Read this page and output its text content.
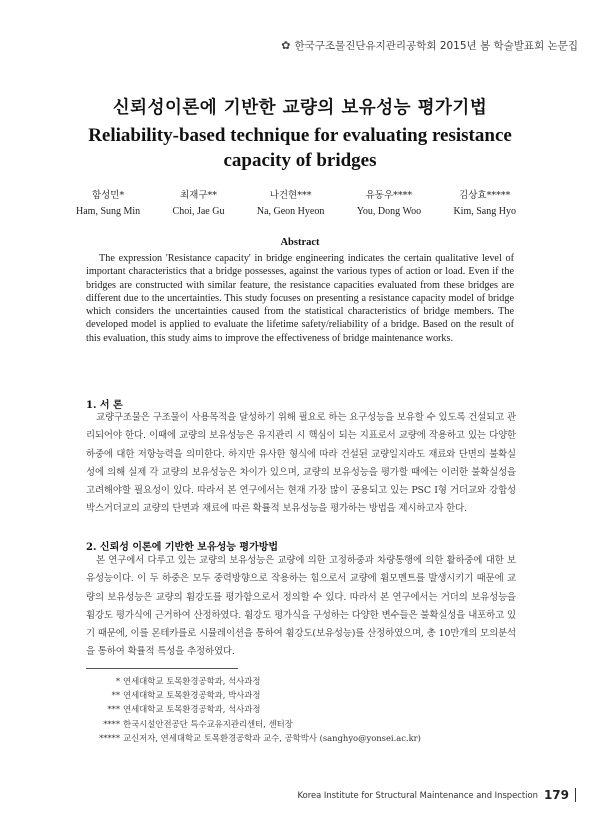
✿ 한국구조물진단유지관리공학회 2015년 봄 학술발표회 논문집
신뢰성이론에 기반한 교량의 보유성능 평가기법
Reliability-based technique for evaluating resistance capacity of bridges
함성민*
Ham, Sung Min
최재구**
Choi, Jae Gu
나건현***
Na, Geon Hyeon
유동우****
You, Dong Woo
김상효*****
Kim, Sang Hyo
Abstract
The expression 'Resistance capacity' in bridge engineering indicates the certain qualitative level of important characteristics that a bridge possesses, against the various types of action or load. Even if the bridges are constructed with similar feature, the resistance capacities evaluated from these bridges are different due to the uncertainties. This study focuses on presenting a resistance capacity model of bridge which considers the uncertainties caused from the statistical characteristics of bridge members. The developed model is applied to evaluate the lifetime safety/reliability of a bridge. Based on the result of this evaluation, this study aims to improve the effectiveness of bridge maintenance works.
1. 서 론
교량구조물은 구조물이 사용목적을 달성하기 위해 필요로 하는 요구성능을 보유할 수 있도록 건설되고 관리되어야 한다. 이때에 교량의 보유성능은 유지관리 시 핵심이 되는 지표로서 교량에 작용하고 있는 다양한 하중에 대한 저항능력을 의미한다. 하지만 유사한 형식에 따라 건설된 교량일지라도 재료와 단면의 불확실성에 의해 실제 각 교량의 보유성능은 차이가 있으며, 교량의 보유성능을 평가할 때에는 이러한 불확실성을 고려해야할 필요성이 있다. 따라서 본 연구에서는 현재 가장 많이 공용되고 있는 PSC I형 거더교와 강합성 박스거더교의 교량의 단면과 재료에 따른 확률적 보유성능을 평가하는 방법을 제시하고자 한다.
2. 신뢰성 이론에 기반한 보유성능 평가방법
본 연구에서 다루고 있는 교량의 보유성능은 교량에 의한 고정하중과 차량통행에 의한 활하중에 대한 보유성능이다. 이 두 하중은 모두 중력방향으로 작용하는 힘으로서 교량에 휨모멘트를 발생시키기 때문에 교량의 보유성능은 교량의 휨강도를 평가함으로서 정의할 수 있다. 따라서 본 연구에서는 거더의 보유성능을 휨강도 평가식에 근거하여 산정하였다. 휨강도 평가식을 구성하는 다양한 변수들은 불확실성을 내포하고 있기 때문에, 이를 몬테카를로 시뮬레이션을 통하여 휨강도(보유성능)를 산정하였으며, 총 10만개의 모의분석을 통하여 확률적 특성을 추정하였다.
* 연세대학교 토목환경공학과, 석사과정
** 연세대학교 토목환경공학과, 박사과정
*** 연세대학교 토목환경공학과, 석사과정
**** 한국시설안전공단 특수교유지관리센터, 센터장
***** 교신저자, 연세대학교 토목환경공학과 교수, 공학박사 (sanghyo@yonsei.ac.kr)
Korea Institute for Structural Maintenance and Inspection 179
